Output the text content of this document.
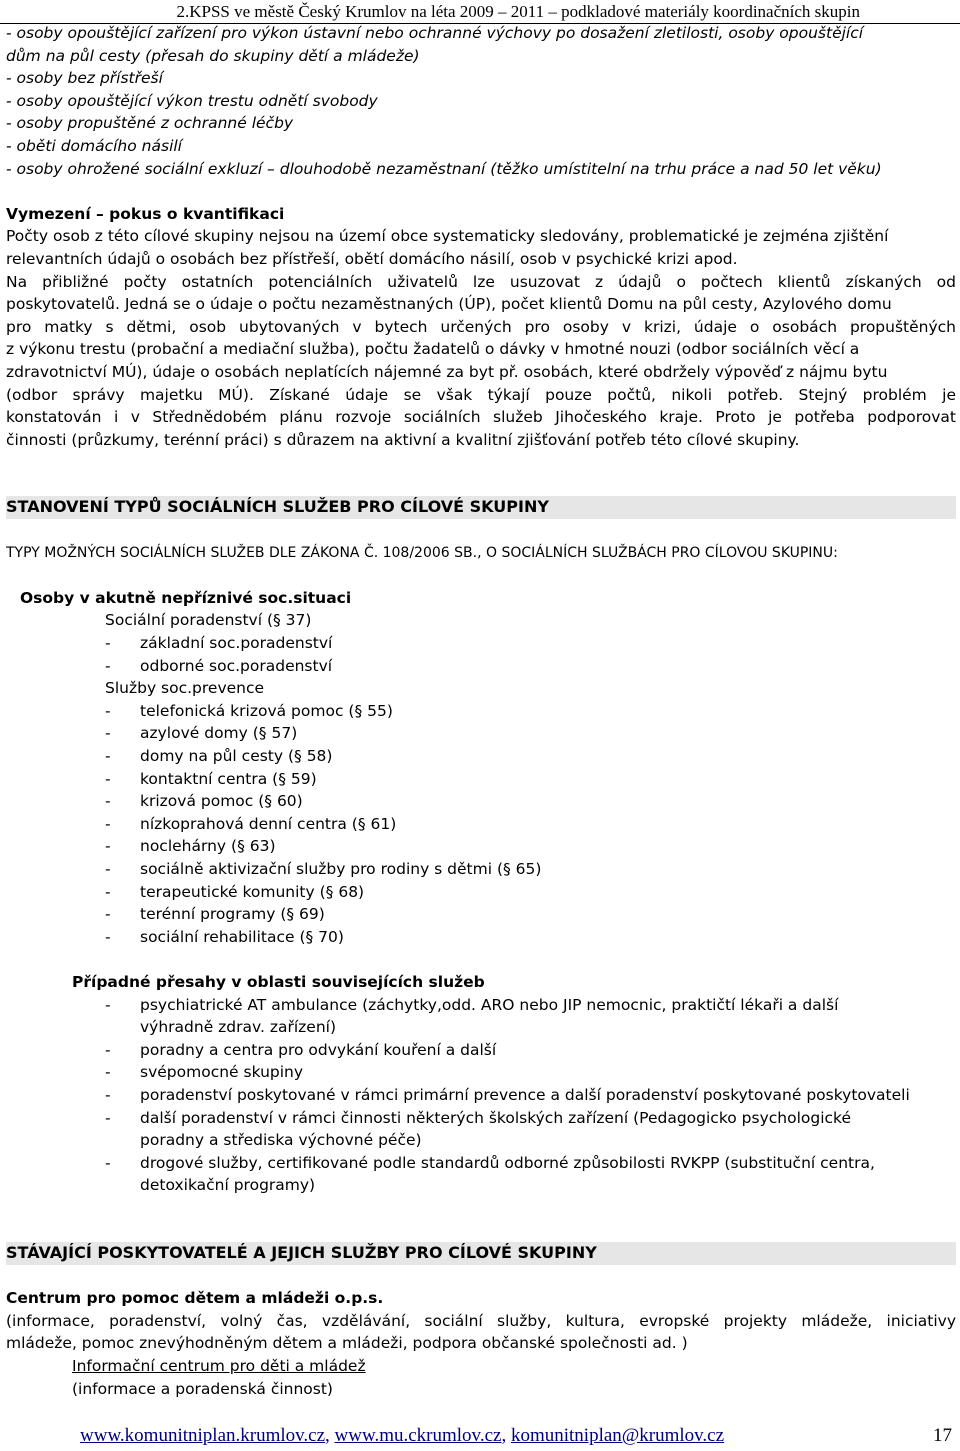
2.KPSS ve městě Český Krumlov na léta 2009 – 2011 – podkladové materiály koordinačních skupin
- osoby opouštějící zařízení pro výkon ústavní nebo ochranné výchovy po dosažení zletilosti, osoby opouštějící
dům na půl cesty (přesah do skupiny dětí a mládeže)
- osoby bez přístřeší
- osoby opouštějící výkon trestu odnětí svobody
- osoby propuštěné z ochranné léčby
- oběti domácího násilí
- osoby ohrožené sociální exkluzí – dlouhodobě nezaměstnaní (těžko umístitelní na trhu práce a nad 50 let věku)
Vymezení – pokus o kvantifikaci
Počty osob z této cílové skupiny nejsou na území obce systematicky sledovány, problematické je zejména zjištění
relevantních údajů o osobách bez přístřeší, obětí domácího násilí, osob v psychické krizi apod.
Na přibližné počty ostatních potenciálních uživatelů lze usuzovat z údajů o počtech klientů získaných od
poskytovatelů. Jedná se o údaje o počtu nezaměstnaných (ÚP), počet klientů Domu na půl cesty, Azylového domu
pro matky s dětmi, osob ubytovaných v bytech určených pro osoby v krizi, údaje o osobách propuštěných
z výkonu trestu (probační a mediační služba), počtu žadatelů o dávky v hmotné nouzi (odbor sociálních věcí a
zdravotnictví MÚ), údaje o osobách neplatících nájemné za byt př. osobách, které obdržely výpověď z nájmu bytu
(odbor správy majetku MÚ). Získané údaje se však týkají pouze počtů, nikoli potřeb. Stejný problém je
konstatován i v Střednědobém plánu rozvoje sociálních služeb Jihočeského kraje. Proto je potřeba podporovat
činnosti (průzkumy, terénní práci) s důrazem na aktivní a kvalitní zjišťování potřeb této cílové skupiny.
STANOVENÍ TYPŮ SOCIÁLNÍCH SLUŽEB PRO CÍLOVÉ SKUPINY
TYPY MOŽNÝCH SOCIÁLNÍCH SLUŽEB DLE ZÁKONA Č. 108/2006 SB., O SOCIÁLNÍCH SLUŽBÁCH PRO CÍLOVOU SKUPINU:
Osoby v akutně nepříznivé soc.situaci
Sociální poradenství (§ 37)
- základní soc.poradenství
- odborné soc.poradenství
Služby soc.prevence
- telefonická krizová pomoc (§ 55)
- azylové domy (§ 57)
- domy na půl cesty (§ 58)
- kontaktní centra (§ 59)
- krizová pomoc (§ 60)
- nízkoprahová denní centra (§ 61)
- noclehárny (§ 63)
- sociálně aktivizační služby pro rodiny s dětmi (§ 65)
- terapeutické komunity (§ 68)
- terénní programy (§ 69)
- sociální rehabilitace (§ 70)
Případné přesahy v oblasti souvisejících služeb
- psychiatrické AT ambulance (záchytky,odd. ARO nebo JIP nemocnic, praktičtí lékaři a další
výhradně zdrav. zařízení)
- poradny a centra pro odvykání kouření a další
- svépomocné skupiny
- poradenství poskytované v rámci primární prevence a další poradenství poskytované poskytovateli
- další poradenství v rámci činnosti některých školských zařízení (Pedagogicko psychologické
poradny a střediska výchovné péče)
- drogové služby, certifikované podle standardů odborné způsobilosti RVKPP (substituční centra,
detoxikační programy)
STÁVAJÍCÍ POSKYTOVATELÉ A JEJICH SLUŽBY PRO CÍLOVÉ SKUPINY
Centrum pro pomoc dětem a mládeži o.p.s.
(informace, poradenství, volný čas, vzdělávání, sociální služby, kultura, evropské projekty mládeže, iniciativy
mládeže, pomoc znevýhodněným dětem a mládeži, podpora občanské společnosti ad. )
Informační centrum pro děti a mládež
(informace a poradenská činnost)
www.komunitniplan.krumlov.cz, www.mu.ckrumlov.cz, komunitniplan@krumlov.cz	17
